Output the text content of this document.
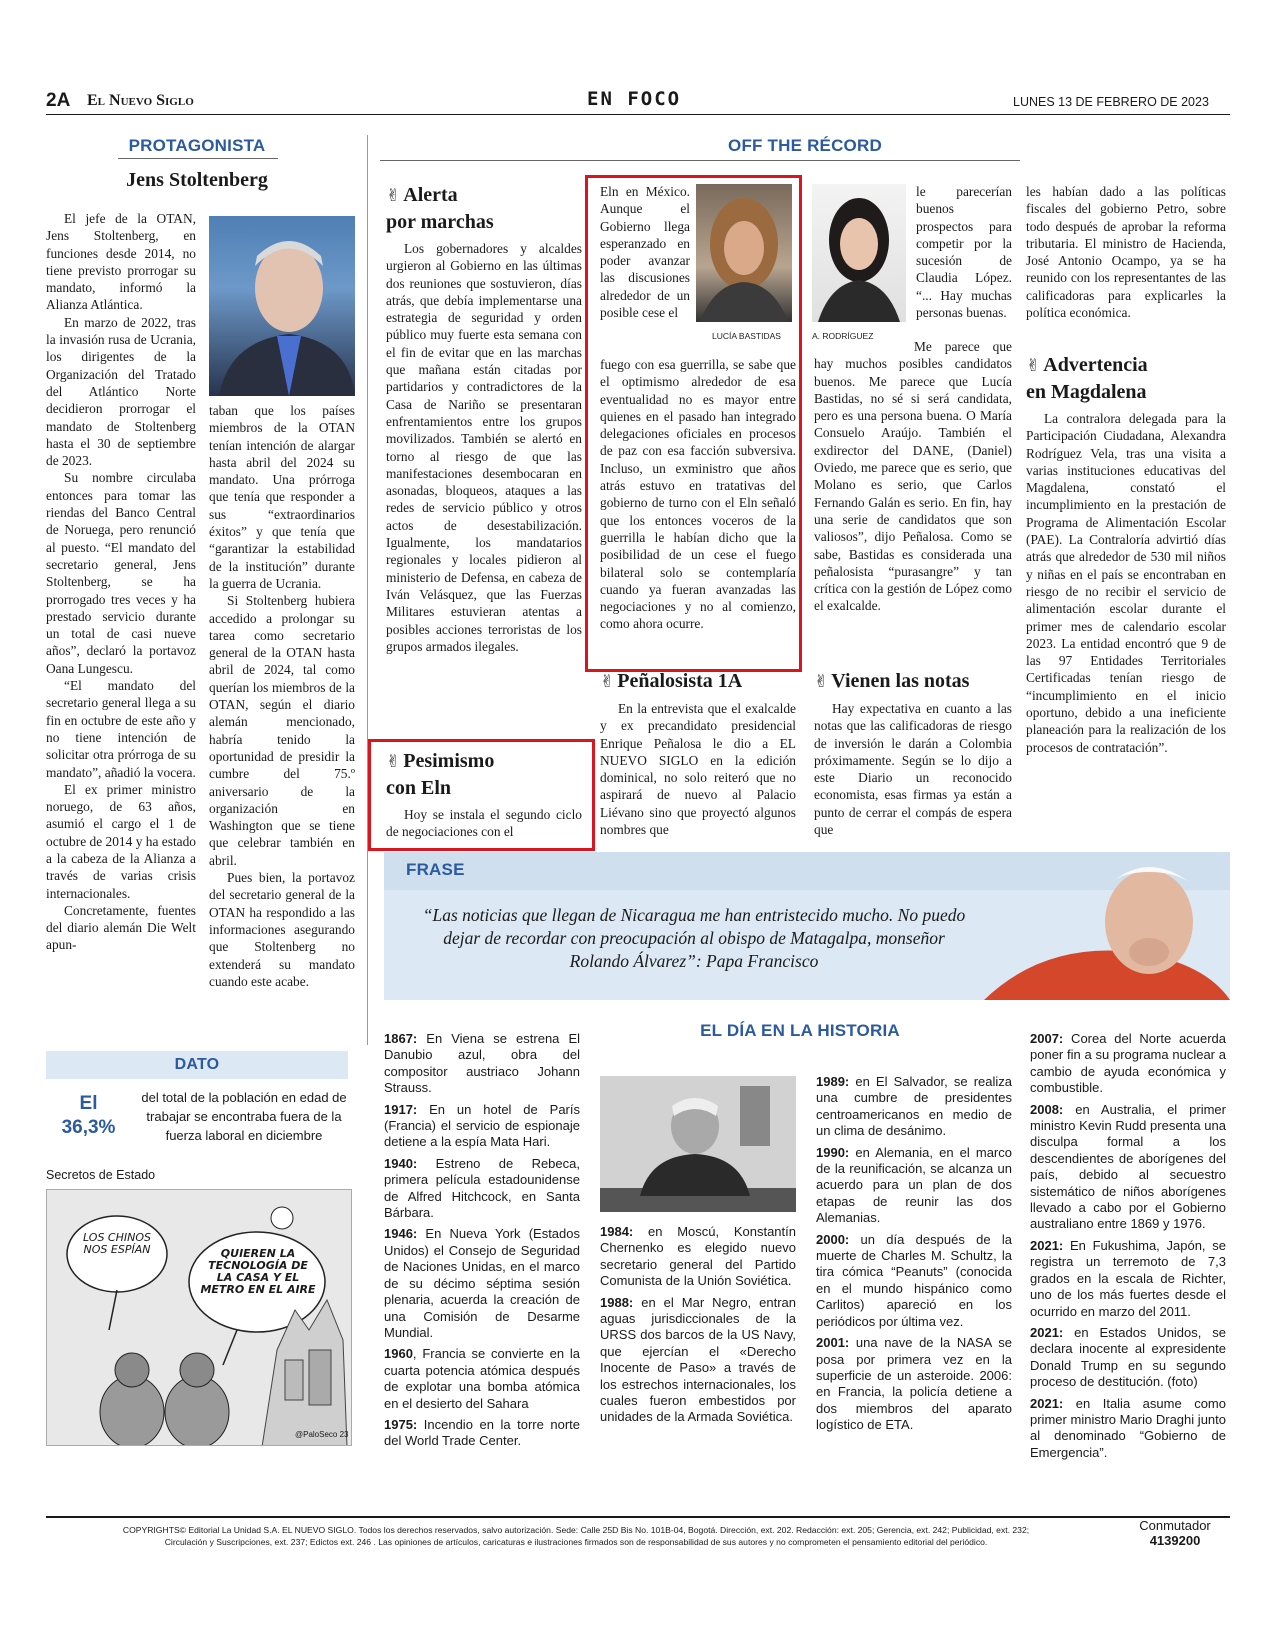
2A El Nuevo Siglo	EN FOCO	LUNES 13 DE FEBRERO DE 2023
PROTAGONISTA
Jens Stoltenberg

El jefe de la OTAN, Jens Stoltenberg, en funciones desde 2014, no tiene previsto prorrogar su mandato, informó la Alianza Atlántica.

En marzo de 2022, tras la invasión rusa de Ucrania, los dirigentes de la Organización del Tratado del Atlántico Norte decidieron prorrogar el mandato de Stoltenberg hasta el 30 de septiembre de 2023.

Su nombre circulaba entonces para tomar las riendas del Banco Central de Noruega, pero renunció al puesto. “El mandato del secretario general, Jens Stoltenberg, se ha prorrogado tres veces y ha prestado servicio durante un total de casi nueve años”, declaró la portavoz Oana Lungescu.

“El mandato del secretario general llega a su fin en octubre de este año y no tiene intención de solicitar otra prórroga de su mandato”, añadió la vocera.

El ex primer ministro noruego, de 63 años, asumió el cargo el 1 de octubre de 2014 y ha estado a la cabeza de la Alianza a través de varias crisis internacionales.

Concretamente, fuentes del diario alemán Die Welt apun-

taban que los países miembros de la OTAN tenían intención de alargar hasta abril del 2024 su mandato. Una prórroga que tenía que responder a sus “extraordinarios éxitos” y que tenía que “garantizar la estabilidad de la institución” durante la guerra de Ucrania.

Si Stoltenberg hubiera accedido a prolongar su tarea como secretario general de la OTAN hasta abril de 2024, tal como querían los miembros de la OTAN, según el diario alemán mencionado, habría tenido la oportunidad de presidir la cumbre del 75.º aniversario de la organización en Washington que se tiene que celebrar también en abril.

Pues bien, la portavoz del secretario general de la OTAN ha respondido a las informaciones asegurando que Stoltenberg no extenderá su mandato cuando este acabe.

DATO
El
36,3%
del total de la población en edad de trabajar se encontraba fuera de la fuerza laboral en diciembre
Secretos de Estado
LOS CHINOS NOS ESPÍAN	QUIEREN LA TECNOLOGÍA DE LA CASA Y EL METRO EN EL AIRE
@PaloSeco 23
OFF THE RÉCORD
✌ Alerta
por marchas

Los gobernadores y alcaldes urgieron al Gobierno en las últimas dos reuniones que sostuvieron, días atrás, que debía implementarse una estrategia de seguridad y orden público muy fuerte esta semana con el fin de evitar que en las marchas que mañana están citadas por partidarios y contradictores de la Casa de Nariño se presentaran enfrentamientos entre los grupos movilizados. También se alertó en torno al riesgo de que las manifestaciones desembocaran en asonadas, bloqueos, ataques a las redes de servicio público y otros actos de desestabilización. Igualmente, los mandatarios regionales y locales pidieron al ministerio de Defensa, en cabeza de Iván Velásquez, que las Fuerzas Militares estuvieran atentas a posibles acciones terroristas de los grupos armados ilegales.

✌ Pesimismo
con Eln

Hoy se instala el segundo ciclo de negociaciones con el

LUCÍA BASTIDAS

Eln en México. Aunque el Gobierno llega esperanzado en poder avanzar las discusiones alrededor de un posible cese el

fuego con esa guerrilla, se sabe que el optimismo alrededor de esa eventualidad no es mayor entre quienes en el pasado han integrado delegaciones oficiales en procesos de paz con esa facción subversiva. Incluso, un exministro que años atrás estuvo en tratativas del gobierno de turno con el Eln señaló que los entonces voceros de la guerrilla le habían dicho que la posibilidad de un cese el fuego bilateral solo se contemplaría cuando ya fueran avanzadas las negociaciones y no al comienzo, como ahora ocurre.

✌ Peñalosista 1A

En la entrevista que el exalcalde y ex precandidato presidencial Enrique Peñalosa le dio a EL NUEVO SIGLO en la edición dominical, no solo reiteró que no aspirará de nuevo al Palacio Liévano sino que proyectó algunos nombres que

A. RODRÍGUEZ

le parecerían buenos prospectos para competir por la sucesión de Claudia López. “... Hay muchas personas buenas.

Me parece que hay muchos posibles candidatos buenos. Me parece que Lucía Bastidas, no sé si será candidata, pero es una persona buena. O María Consuelo Araújo. También el exdirector del DANE, (Daniel) Oviedo, me parece que es serio, que Molano es serio, que Carlos Fernando Galán es serio. En fin, hay una serie de candidatos que son valiosos”, dijo Peñalosa. Como se sabe, Bastidas es considerada una peñalosista “purasangre” y tan crítica con la gestión de López como el exalcalde.

✌ Vienen las notas

Hay expectativa en cuanto a las notas que las calificadoras de riesgo de inversión le darán a Colombia próximamente. Según se lo dijo a este Diario un reconocido economista, esas firmas ya están a punto de cerrar el compás de espera que

les habían dado a las políticas fiscales del gobierno Petro, sobre todo después de aprobar la reforma tributaria. El ministro de Hacienda, José Antonio Ocampo, ya se ha reunido con los representantes de las calificadoras para explicarles la política económica.

✌ Advertencia
en Magdalena

La contralora delegada para la Participación Ciudadana, Alexandra Rodríguez Vela, tras una visita a varias instituciones educativas del Magdalena, constató el incumplimiento en la prestación de Programa de Alimentación Escolar (PAE). La Contraloría advirtió días atrás que alrededor de 530 mil niños y niñas en el país se encontraban en riesgo de no recibir el servicio de alimentación escolar durante el primer mes de calendario escolar 2023. La entidad encontró que 9 de las 97 Entidades Territoriales Certificadas tenían riesgo de “incumplimiento en el inicio oportuno, debido a una ineficiente planeación para la realización de los procesos de contratación”.

FRASE
“Las noticias que llegan de Nicaragua me han entristecido mucho. No puedo dejar de recordar con preocupación al obispo de Matagalpa, monseñor Rolando Álvarez”: Papa Francisco
EL DÍA EN LA HISTORIA

1867: En Viena se estrena El Danubio azul, obra del compositor austriaco Johann Strauss.

1917: En un hotel de París (Francia) el servicio de espionaje detiene a la espía Mata Hari.

1940: Estreno de Rebeca, primera película estadounidense de Alfred Hitchcock, en Santa Bárbara.

1946: En Nueva York (Estados Unidos) el Consejo de Seguridad de Naciones Unidas, en el marco de su décimo séptima sesión plenaria, acuerda la creación de una Comisión de Desarme Mundial.

1960, Francia se convierte en la cuarta potencia atómica después de explotar una bomba atómica en el desierto del Sahara

1975: Incendio en la torre norte del World Trade Center.

1984: en Moscú, Konstantín Chernenko es elegido nuevo secretario general del Partido Comunista de la Unión Soviética.

1988: en el Mar Negro, entran aguas jurisdiccionales de la URSS dos barcos de la US Navy, que ejercían el «Derecho Inocente de Paso» a través de los estrechos internacionales, los cuales fueron embestidos por unidades de la Armada Soviética.

1989: en El Salvador, se realiza una cumbre de presidentes centroamericanos en medio de un clima de desánimo.

1990: en Alemania, en el marco de la reunificación, se alcanza un acuerdo para un plan de dos etapas de reunir las dos Alemanias.

2000: un día después de la muerte de Charles M. Schultz, la tira cómica “Peanuts” (conocida en el mundo hispánico como Carlitos) apareció en los periódicos por última vez.

2001: una nave de la NASA se posa por primera vez en la superficie de un asteroide. 2006: en Francia, la policía detiene a dos miembros del aparato logístico de ETA.

2007: Corea del Norte acuerda poner fin a su programa nuclear a cambio de ayuda económica y combustible.

2008: en Australia, el primer ministro Kevin Rudd presenta una disculpa formal a los descendientes de aborígenes del país, debido al secuestro sistemático de niños aborígenes llevado a cabo por el Gobierno australiano entre 1869 y 1976.

2021: En Fukushima, Japón, se registra un terremoto de 7,3 grados en la escala de Richter, uno de los más fuertes desde el ocurrido en marzo del 2011.

2021: en Estados Unidos, se declara inocente al expresidente Donald Trump en su segundo proceso de destitución. (foto)

2021: en Italia asume como primer ministro Mario Draghi junto al denominado “Gobierno de Emergencia”.

COPYRIGHTS© Editorial La Unidad S.A. EL NUEVO SIGLO. Todos los derechos reservados, salvo autorización. Sede: Calle 25D Bis No. 101B-04, Bogotá. Dirección, ext. 202. Redacción: ext. 205; Gerencia, ext. 242; Publicidad, ext. 232;
Circulación y Suscripciones, ext. 237; Edictos ext. 246 . Las opiniones de artículos, caricaturas e ilustraciones firmados son de responsabilidad de sus autores y no comprometen el pensamiento editorial del periódico.
Conmutador
4139200
